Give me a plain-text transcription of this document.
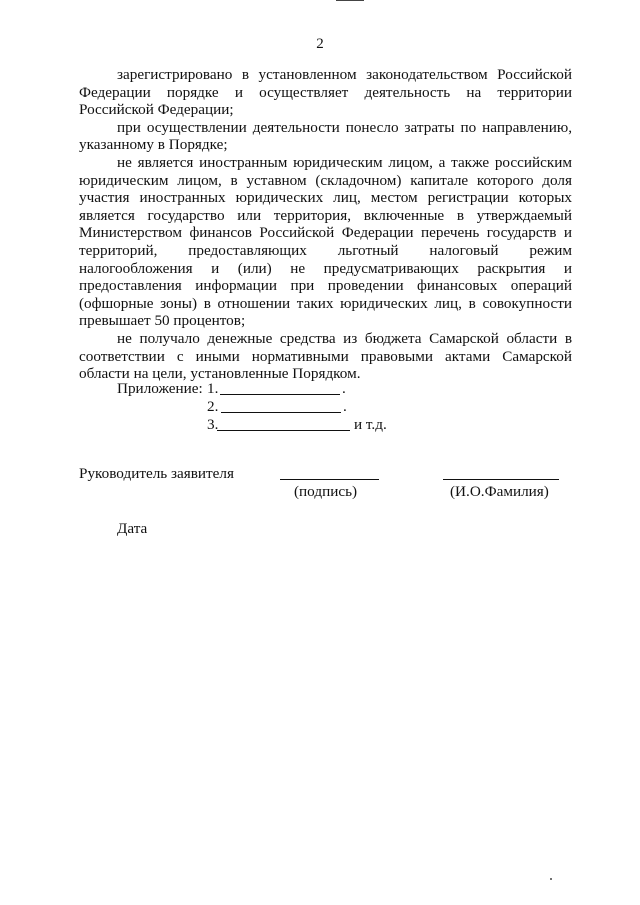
2

зарегистрировано в установленном законодательством Российской Федерации порядке и осуществляет деятельность на территории Российской Федерации;

при осуществлении деятельности понесло затраты по направлению, указанному в Порядке;

не является иностранным юридическим лицом, а также российским юридическим лицом, в уставном (складочном) капитале которого доля участия иностранных юридических лиц, местом регистрации которых является государство или территория, включенные в утверждаемый Министерством финансов Российской Федерации перечень государств и территорий, предоставляющих льготный налоговый режим налогообложения и (или) не предусматривающих раскрытия и предоставления информации при проведении финансовых операций (офшорные зоны) в отношении таких юридических лиц, в совокупности превышает 50 процентов;

не получало денежные средства из бюджета Самарской области в соответствии с иными нормативными правовыми актами Самарской области на цели, установленные Порядком.

Приложение: 1.	.
2.	.
3.	и т.д.
Руководитель заявителя
(подпись)	(И.О.Фамилия)
Дата
